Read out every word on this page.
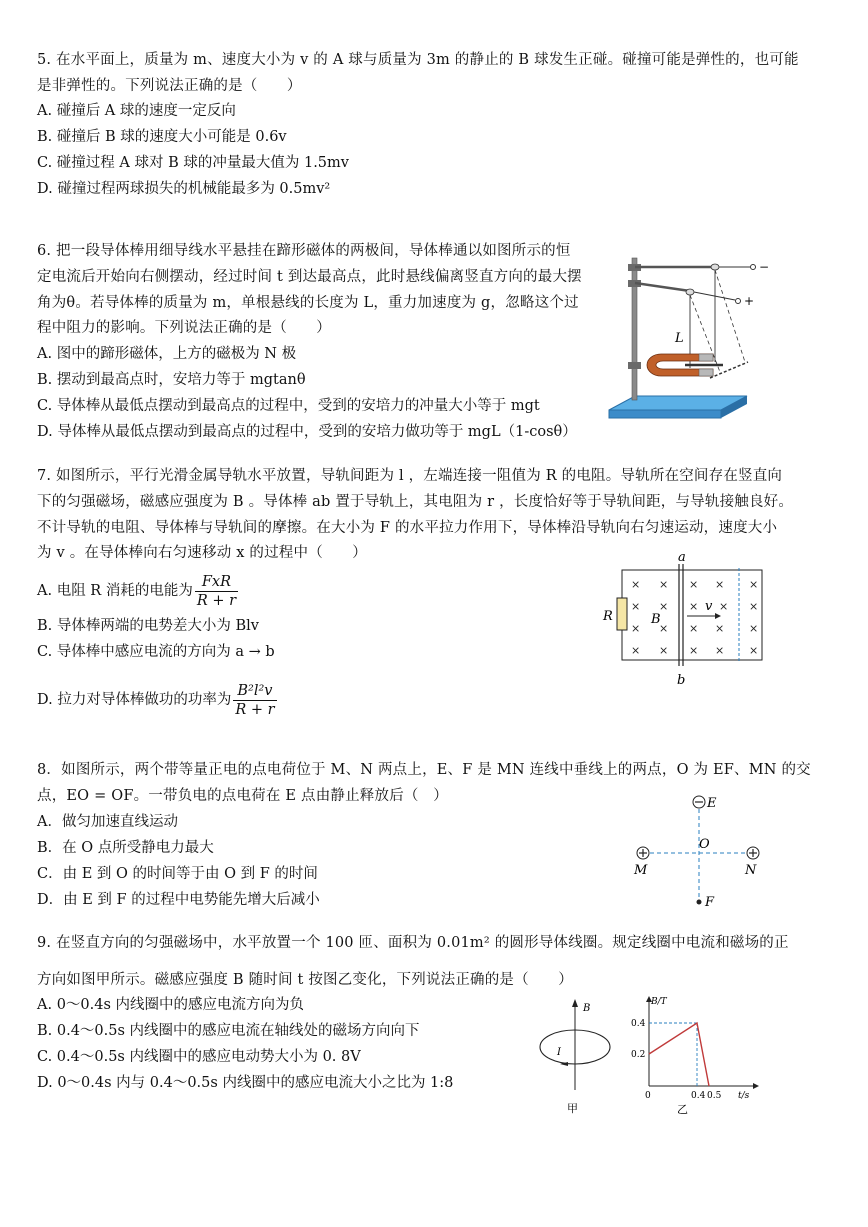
5. 在水平面上，质量为 m、速度大小为 v 的 A 球与质量为 3m 的静止的 B 球发生正碰。碰撞可能是弹性的，也可能
是非弹性的。下列说法正确的是（　　）
A. 碰撞后 A 球的速度一定反向
B. 碰撞后 B 球的速度大小可能是 0.6v
C. 碰撞过程 A 球对 B 球的冲量最大值为 1.5mv
D. 碰撞过程两球损失的机械能最多为 0.5mv²
6. 把一段导体棒用细导线水平悬挂在蹄形磁体的两极间，导体棒通以如图所示的恒
定电流后开始向右侧摆动，经过时间 t 到达最高点，此时悬线偏离竖直方向的最大摆
角为θ。若导体棒的质量为 m，单根悬线的长度为 L，重力加速度为 g，忽略这个过
程中阻力的影响。下列说法正确的是（　　）
A. 图中的蹄形磁体，上方的磁极为 N 极
B. 摆动到最高点时，安培力等于 mgtanθ
C. 导体棒从最低点摆动到最高点的过程中，受到的安培力的冲量大小等于 mgt
D. 导体棒从最低点摆动到最高点的过程中，受到的安培力做功等于 mgL（1-cosθ）
−
+
L
7. 如图所示，平行光滑金属导轨水平放置，导轨间距为 l ，左端连接一阻值为 R 的电阻。导轨所在空间存在竖直向
下的匀强磁场，磁感应强度为 B 。导体棒 ab 置于导轨上，其电阻为 r ，长度恰好等于导轨间距，与导轨接触良好。
不计导轨的电阻、导体棒与导轨间的摩擦。在大小为 F 的水平拉力作用下，导体棒沿导轨向右匀速运动，速度大小
为 v 。在导体棒向右匀速移动 x 的过程中（　　）
A. 电阻 R 消耗的电能为 $\frac{\text{FxR}}{R + r}$
B. 导体棒两端的电势差大小为 Blv
C. 导体棒中感应电流的方向为 a → b
D. 拉力对导体棒做功的功率为 $\frac{\text{B²l²v}}{R + r}$
R
a
b
B
v
× × × × ×
× × × × ×
× × × × ×
× × × × ×
8．如图所示，两个带等量正电的点电荷位于 M、N 两点上，E、F 是 MN 连线中垂线上的两点，O 为 EF、MN 的交
点，EO = OF。一带负电的点电荷在 E 点由静止释放后（　）
A．做匀加速直线运动
B．在 O 点所受静电力最大
C．由 E 到 O 的时间等于由 O 到 F 的时间
D．由 E 到 F 的过程中电势能先增大后减小
E
O
M	N
F
9. 在竖直方向的匀强磁场中，水平放置一个 100 匝、面积为 0.01m² 的圆形导体线圈。规定线圈中电流和磁场的正
方向如图甲所示。磁感应强度 B 随时间 t 按图乙变化，下列说法正确的是（　　）
A. 0～0.4s 内线圈中的感应电流方向为负
B. 0.4～0.5s 内线圈中的感应电流在轴线处的磁场方向向下
C. 0.4～0.5s 内线圈中的感应电动势大小为 0. 8V
D. 0～0.4s 内与 0.4～0.5s 内线圈中的感应电流大小之比为 1:8
B
I
甲
B/T
t/s
0.4
0.2
0	0.4 0.5
乙
